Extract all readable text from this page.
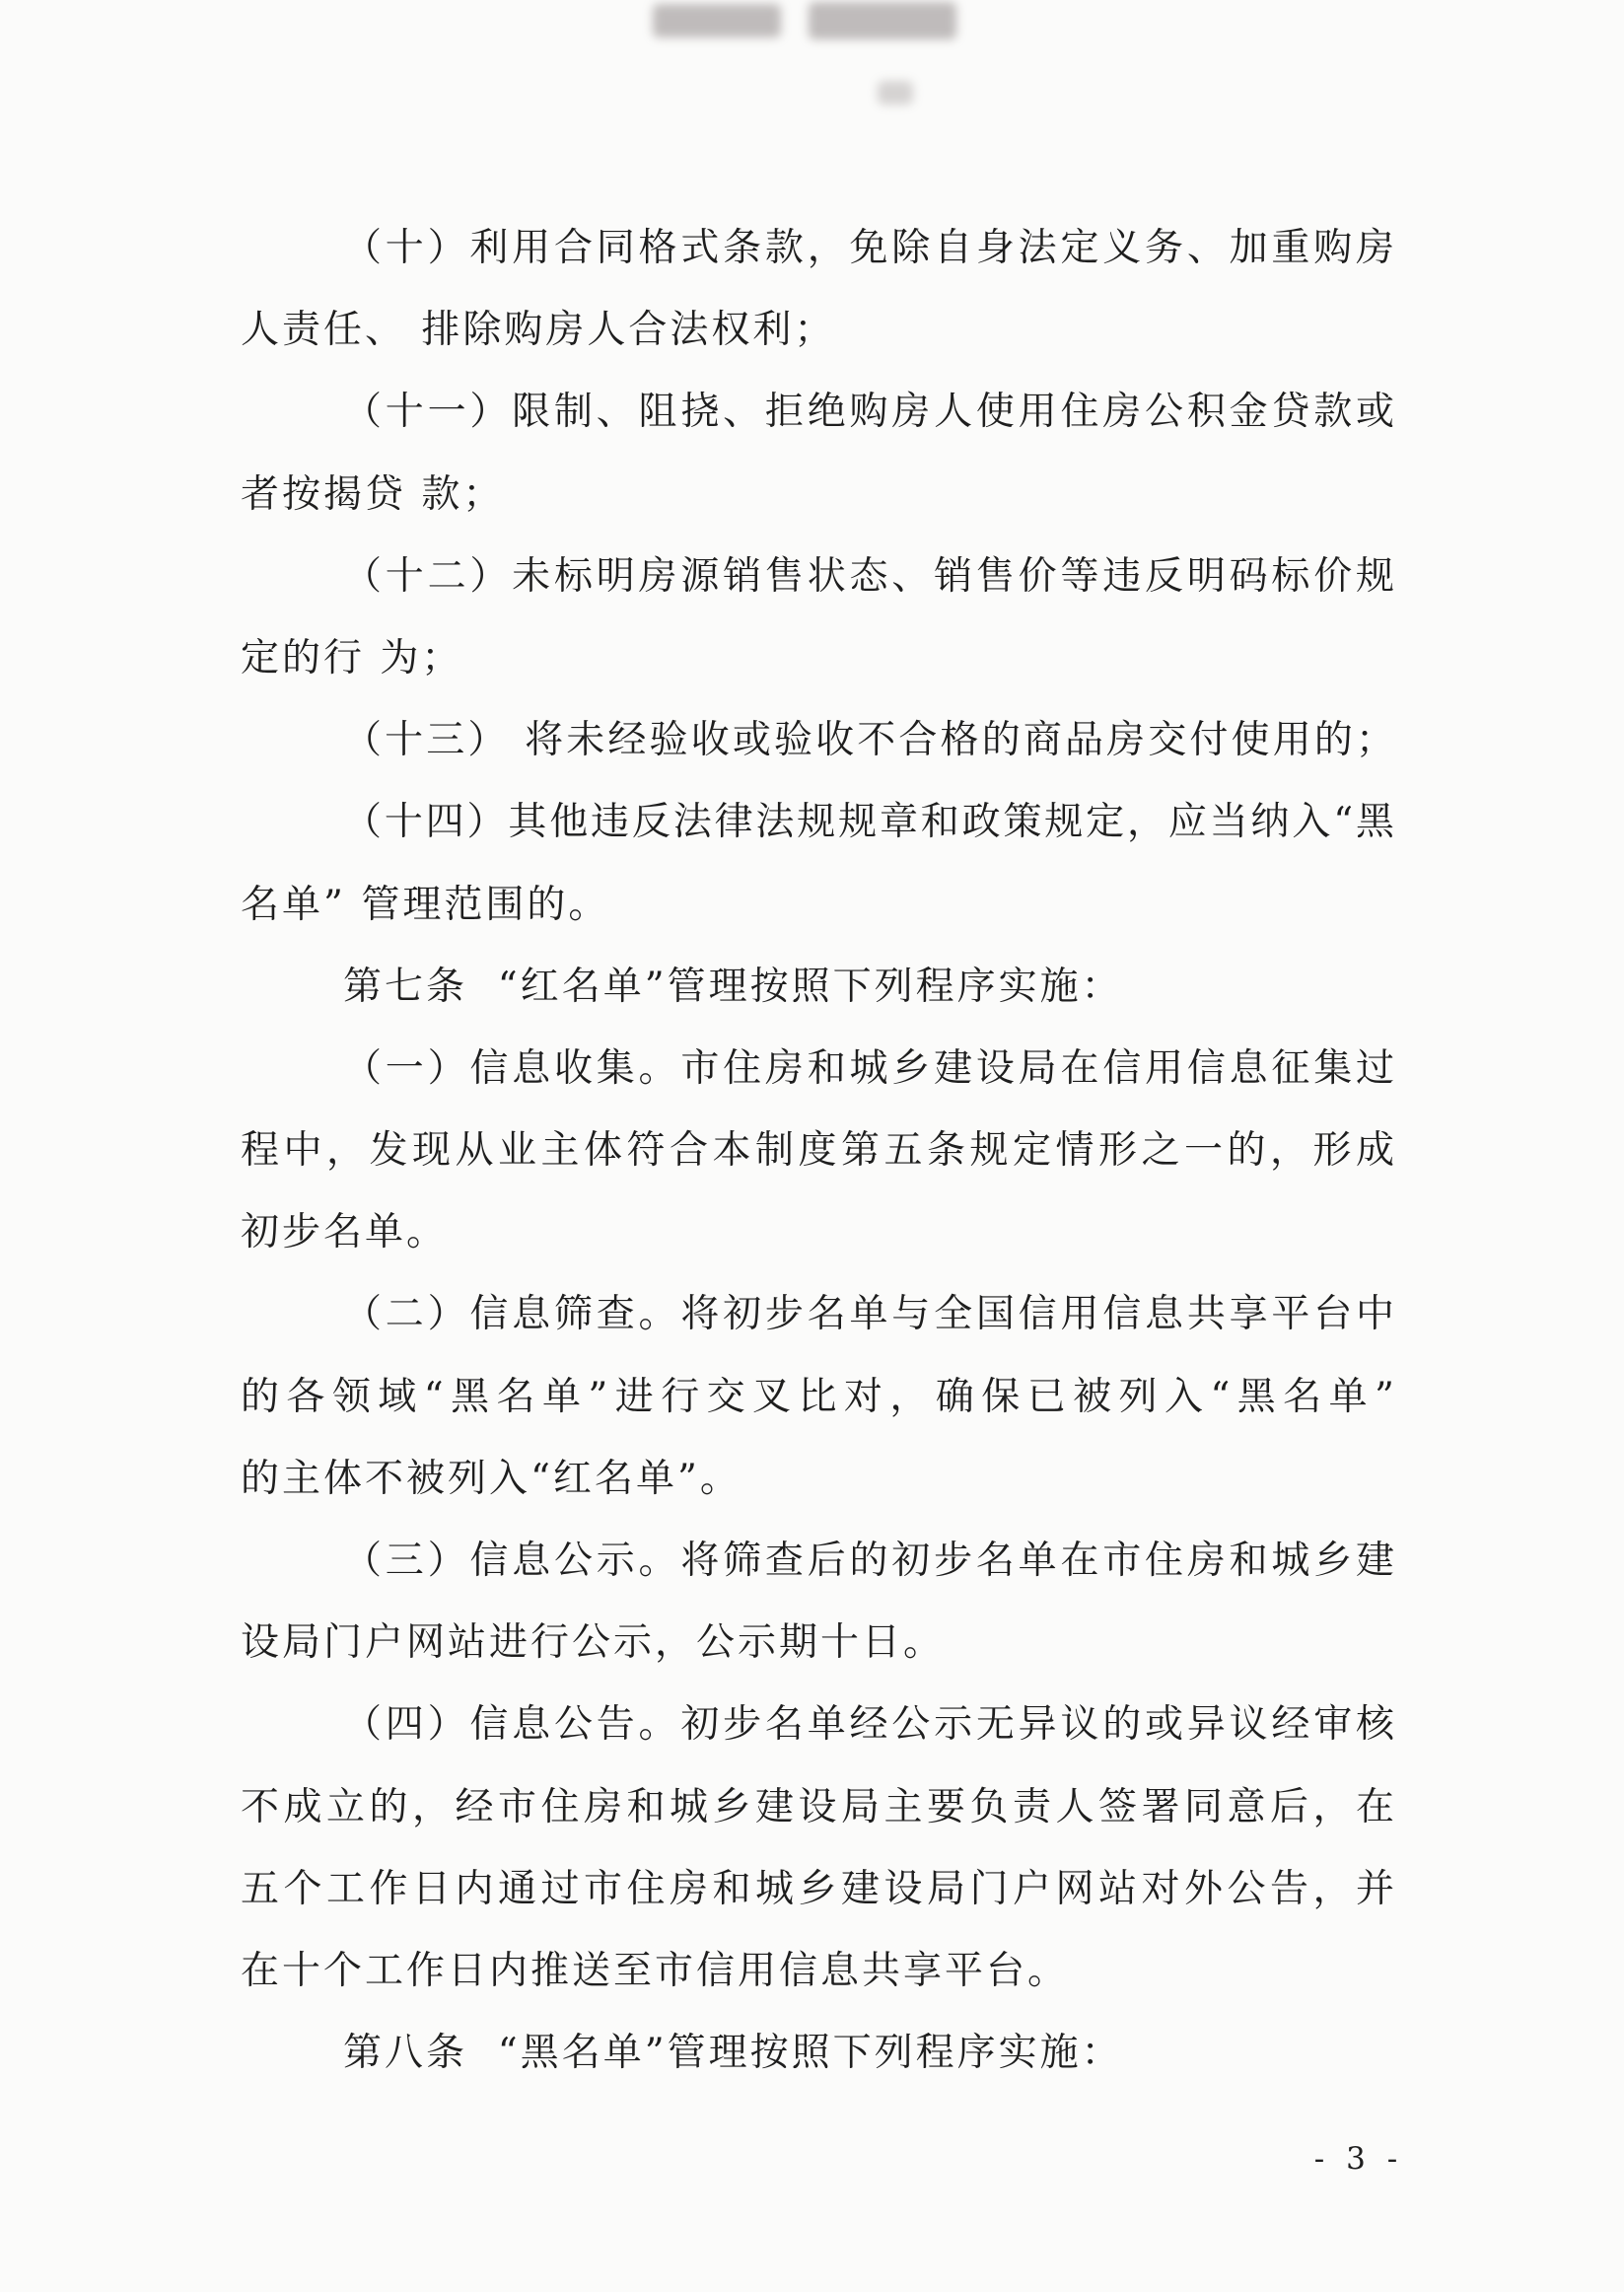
（十）利用合同格式条款，免除自身法定义务、加重购房
人责任、 排除购房人合法权利；
（十一）限制、阻挠、拒绝购房人使用住房公积金贷款或
者按揭贷 款；
（十二）未标明房源销售状态、销售价等违反明码标价规
定的行 为；
（十三） 将未经验收或验收不合格的商品房交付使用的；
（十四）其他违反法律法规规章和政策规定，应当纳入“黑
名单” 管理范围的。
第七条  “红名单”管理按照下列程序实施：
（一）信息收集。市住房和城乡建设局在信用信息征集过
程中，发现从业主体符合本制度第五条规定情形之一的，形成
初步名单。
（二）信息筛查。将初步名单与全国信用信息共享平台中
的各领域“黑名单”进行交叉比对，确保已被列入“黑名单”
的主体不被列入“红名单”。
（三）信息公示。将筛查后的初步名单在市住房和城乡建
设局门户网站进行公示，公示期十日。
（四）信息公告。初步名单经公示无异议的或异议经审核
不成立的，经市住房和城乡建设局主要负责人签署同意后，在
五个工作日内通过市住房和城乡建设局门户网站对外公告，并
在十个工作日内推送至市信用信息共享平台。
第八条  “黑名单”管理按照下列程序实施：
- 3 -
